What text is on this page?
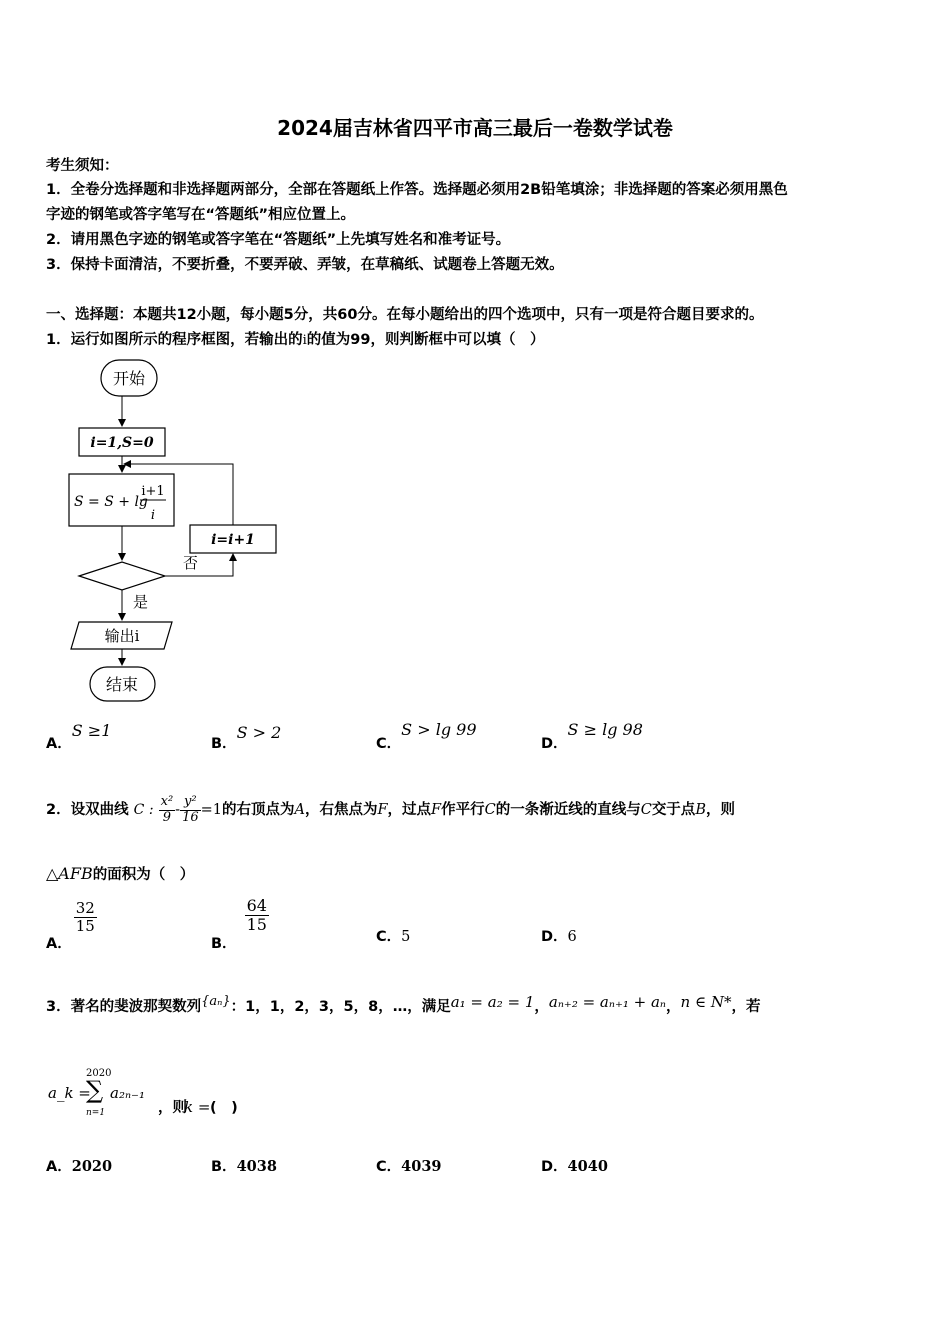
2024届吉林省四平市高三最后一卷数学试卷
考生须知：
1．全卷分选择题和非选择题两部分，全部在答题纸上作答。选择题必须用2B铅笔填涂；非选择题的答案必须用黑色
字迹的钢笔或答字笔写在“答题纸”相应位置上。
2．请用黑色字迹的钢笔或答字笔在“答题纸”上先填写姓名和准考证号。
3．保持卡面清洁，不要折叠，不要弄破、弄皱，在草稿纸、试题卷上答题无效。
一、选择题：本题共12小题，每小题5分，共60分。在每小题给出的四个选项中，只有一项是符合题目要求的。
1．运行如图所示的程序框图，若输出的i的值为99，则判断框中可以填（　）
开始
i=1,S=0
S = S + lg
i+1
i
否
i=i+1
是
输出i
结束
A．S ≥1
B．S > 2
C．S > lg 99
D．S ≥ lg 98
2．设双曲线 C : $\frac{\text{x²}}{9} - \frac{\text{y²}}{16} =1$的右顶点为A，右焦点为F，过点F作平行C的一条渐近线的直线与C交于点B，则
△AFB的面积为（　）
A．
$\frac{32}{15}$
B．
$\frac{64}{15}$
C．5	D．6
3．著名的斐波那契数列{aₙ}：1，1，2，3，5，8，…，满足a₁ = a₂ = 1，aₙ₊₂ = aₙ₊₁ + aₙ，n ∈ N*，若
a_k =
2020
∑
n=1
a₂ₙ₋₁
，则
k = (　)
A．2020	B．4038	C．4039	D．4040
